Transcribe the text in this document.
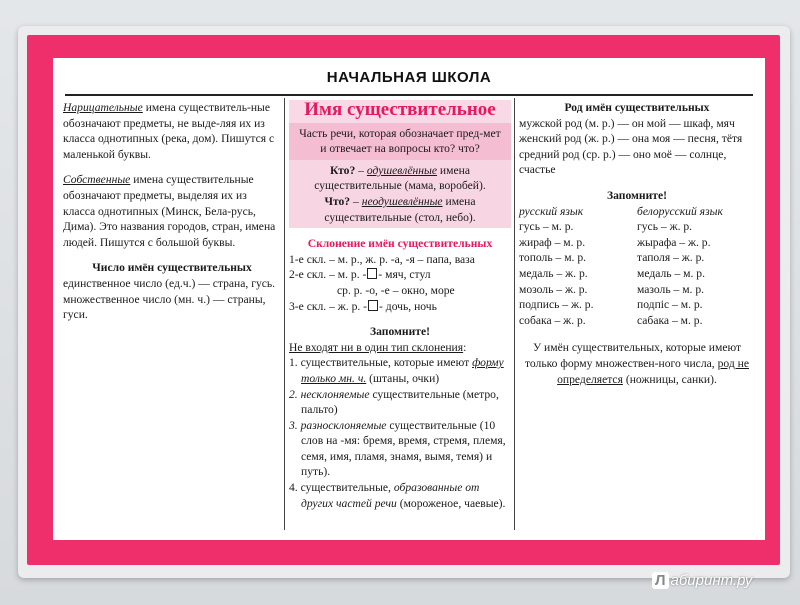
НАЧАЛЬНАЯ ШКОЛА

Нарицательные имена существитель-ные обозначают предметы, не выде-ляя их из класса однотипных (река, дом). Пишутся с маленькой буквы.

Собственные имена существительные обозначают предметы, выделяя их из класса однотипных (Минск, Бела-русь, Дима). Это названия городов, стран, имена людей. Пишутся с большой буквы.

Число имён существительных

единственное число (ед.ч.) — страна, гусь.

множественное число (мн. ч.) — страны, гуси.

Имя существительное

Часть речи, которая обозначает пред-мет и отвечает на вопросы кто? что?

Кто? – одушевлённые имена существительные (мама, воробей).

Что? – неодушевлённые имена существительные (стол, небо).

Склонение имён существительных

1-е скл. – м. р., ж. р. -а, -я – папа, ваза

2-е скл. – м. р. - - мяч, стул

ср. р. -о, -е – окно, море

3-е скл. – ж. р. - - дочь, ночь

Запомните!

Не входят ни в один тип склонения:

1. существительные, которые имеют форму только мн. ч. (штаны, очки)
2. несклоняемые существительные (метро, пальто)
3. разносклоняемые существительные (10 слов на -мя: бремя, время, стремя, племя, семя, имя, пламя, знамя, вымя, темя) и путь).
4. существительные, образованные от других частей речи (мороженое, чаевые).

Род имён существительных

мужской род (м. р.) — он мой — шкаф, мяч

женский род (ж. р.) — она моя — песня, тётя

средний род (ср. р.) — оно моё — солнце, счастье

Запомните!

русский язык	белорусский язык
гусь – м. р.	гусь – ж. р.
жираф – м. р.	жырафа – ж. р.
тополь – м. р.	таполя – ж. р.
медаль – ж. р.	медаль – м. р.
мозоль – ж. р.	мазоль – м. р.
подпись – ж. р.	подпіс – м. р.
собака – ж. р.	сабака – м. р.

У имён существительных, которые имеют только форму множествен-ного числа, род не определяется (ножницы, санки).

Л абиринт.ру
